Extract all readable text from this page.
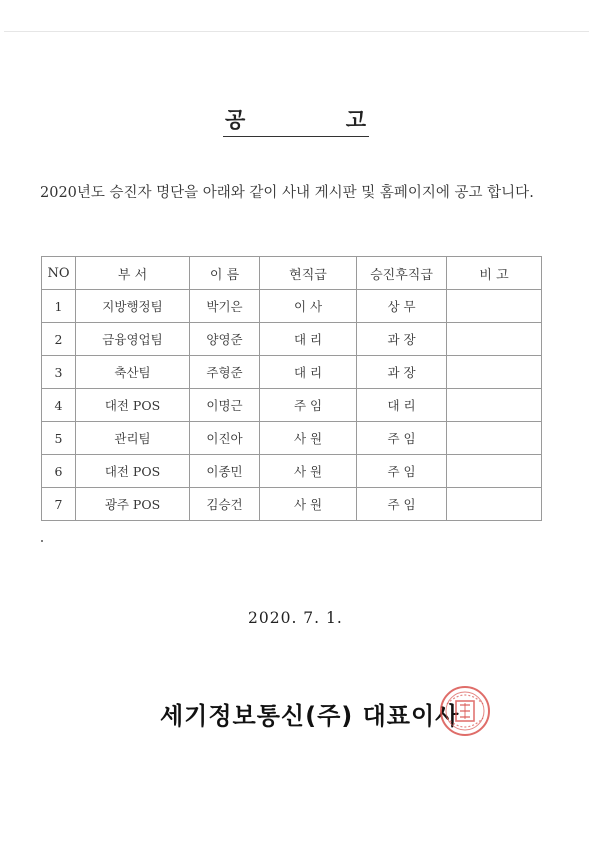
공	고
2020년도 승진자 명단을 아래와 같이 사내 게시판 및 홈페이지에 공고 합니다.
NO	부 서	이 름	현직급	승진후직급	비 고
1	지방행정팀	박기은	이 사	상 무	
2	금융영업팀	양영준	대 리	과 장	
3	축산팀	주형준	대 리	과 장	
4	대전 POS	이명근	주 임	대 리	
5	관리팀	이진아	사 원	주 임	
6	대전 POS	이종민	사 원	주 임	
7	광주 POS	김승건	사 원	주 임	
2020. 7. 1.
세기정보통신(주) 대표이사
